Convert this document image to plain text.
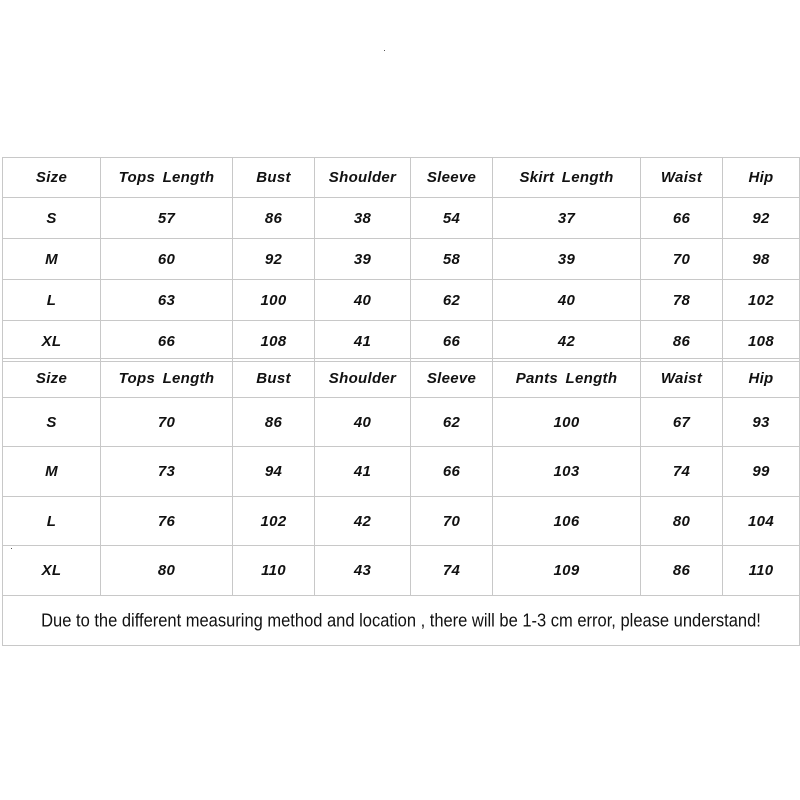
Size	Tops Length	Bust	Shoulder	Sleeve	Skirt Length	Waist	Hip
S	57	86	38	54	37	66	92
M	60	92	39	58	39	70	98
L	63	100	40	62	40	78	102
XL	66	108	41	66	42	86	108
Size	Tops Length	Bust	Shoulder	Sleeve	Pants Length	Waist	Hip
S	70	86	40	62	100	67	93
M	73	94	41	66	103	74	99
L	76	102	42	70	106	80	104
XL	80	110	43	74	109	86	110
Due to the different measuring method and location , there will be 1-3 cm error, please understand!							
